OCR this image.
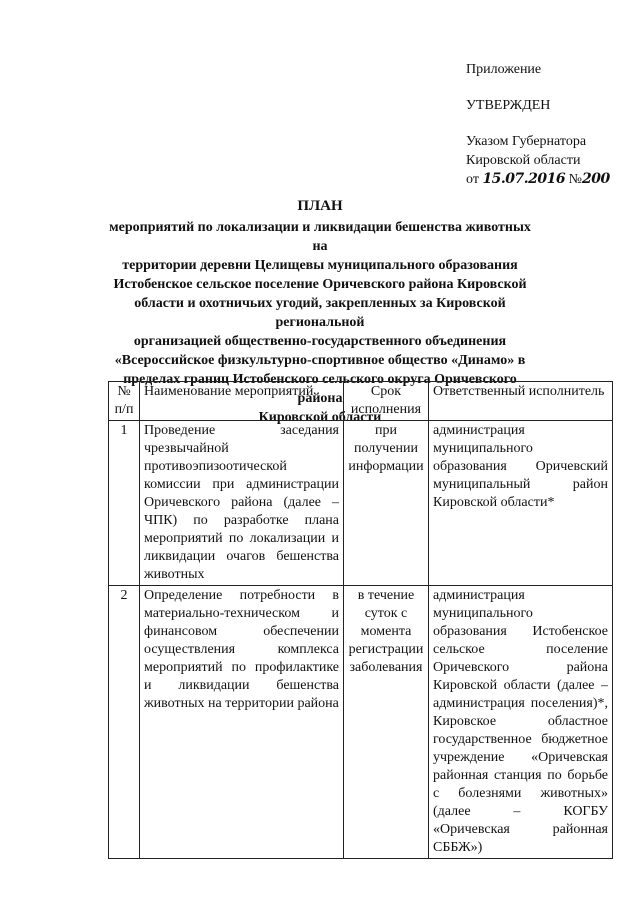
Приложение
УТВЕРЖДЕН
Указом Губернатора
Кировской области
от 15.07.2016 №200
ПЛАН
мероприятий по локализации и ликвидации бешенства животных на
территории деревни Целищевы муниципального образования
Истобенское сельское поселение Оричевского района Кировской
области и охотничьих угодий, закрепленных за Кировской региональной
организацией общественно-государственного объединения
«Всероссийское физкультурно-спортивное общество «Динамо» в
пределах границ Истобенского сельского округа Оричевского района
Кировской области
№ п/п	Наименование мероприятий	Срок исполнения	Ответственный исполнитель
1	Проведение заседания чрезвычайной противоэпизоотической комиссии при администрации Оричевского района (далее – ЧПК) по разработке плана мероприятий по локализации и ликвидации очагов бешенства животных	при получении информации	администрация муниципального образования Оричевский муниципальный район Кировской области*
2	Определение потребности в материально-техническом и финансовом обеспечении осуществления комплекса мероприятий по профилактике и ликвидации бешенства животных на территории района	в течение суток с момента регистрации заболевания	администрация муниципального образования Истобенское сельское поселение Оричевского района Кировской области (далее – администрация поселения)*, Кировское областное государственное бюджетное учреждение «Оричевская районная станция по борьбе с болезнями животных» (далее – КОГБУ «Оричевская районная СББЖ»)
